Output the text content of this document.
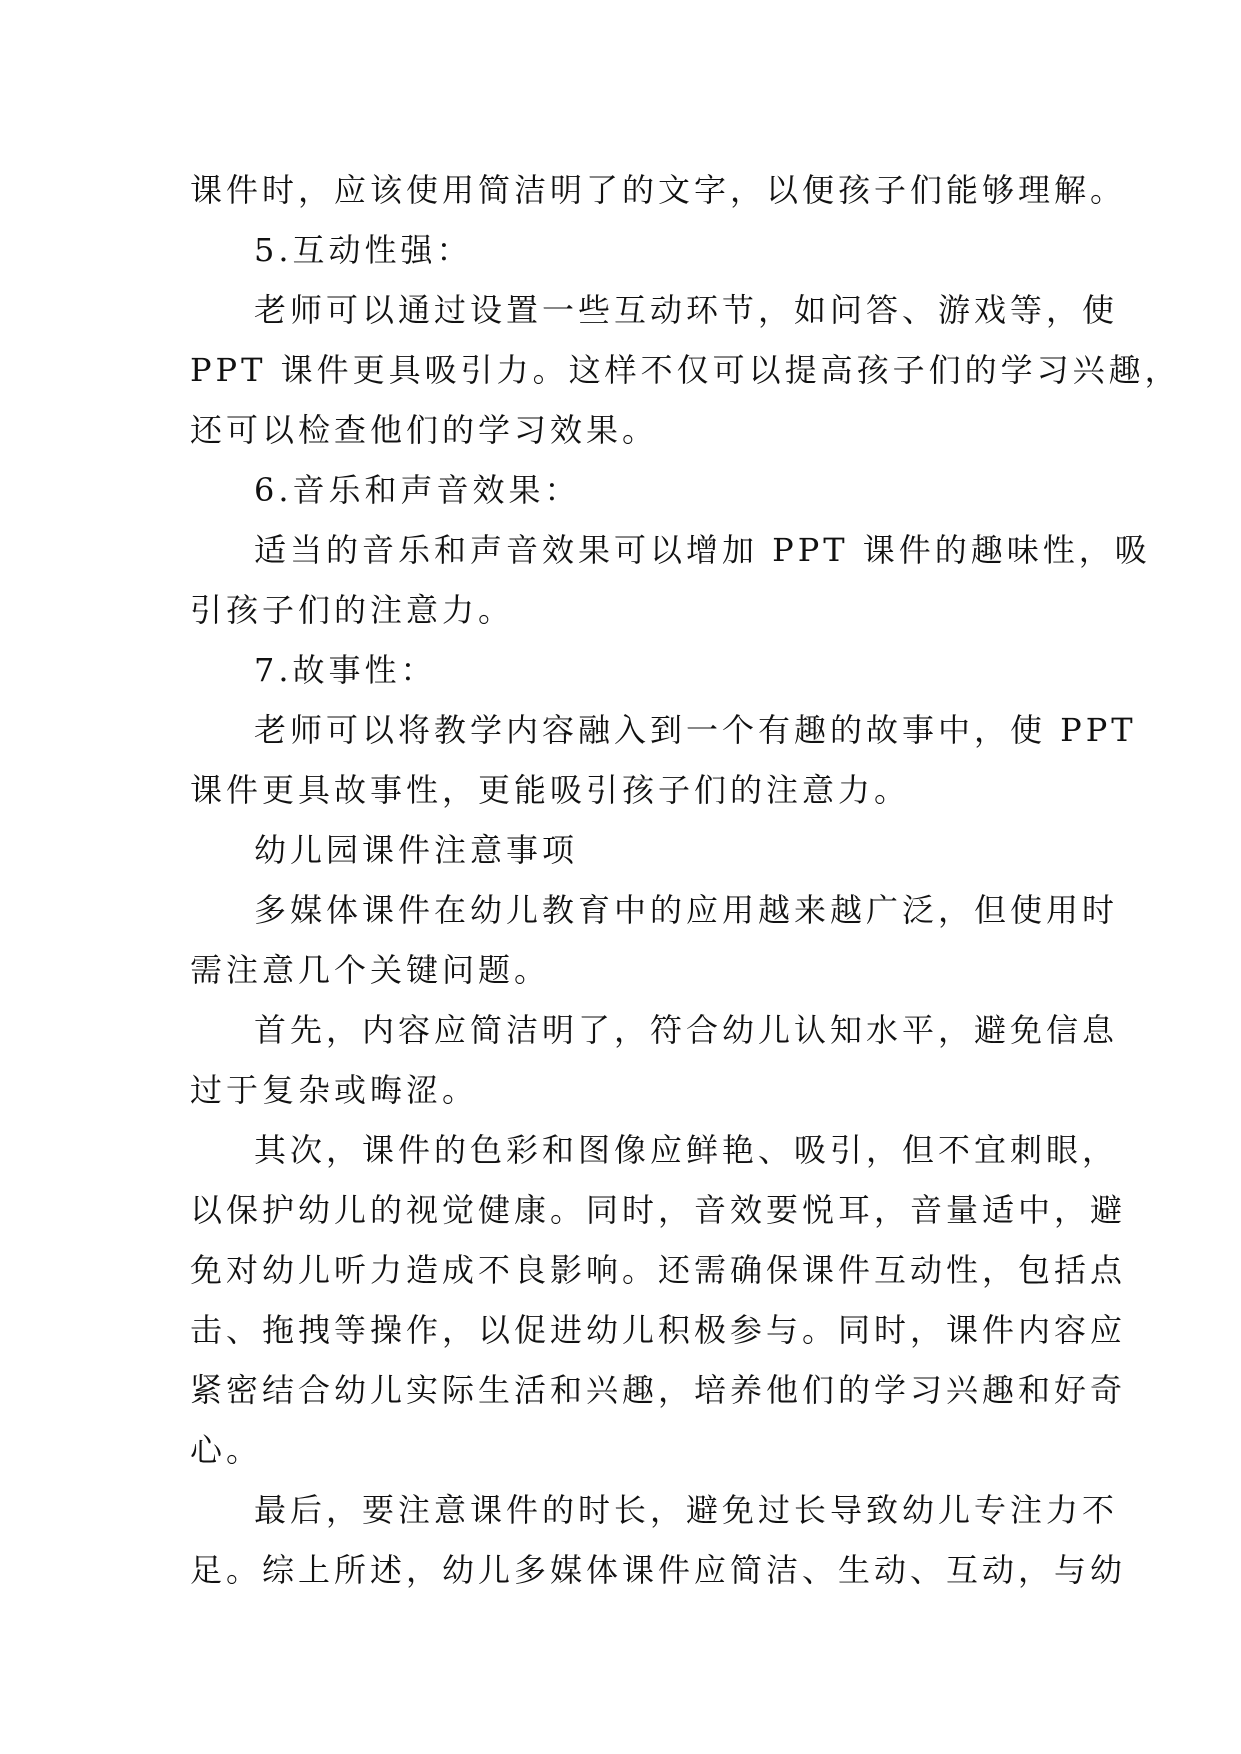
课件时，应该使用简洁明了的文字，以便孩子们能够理解。
5.互动性强：
老师可以通过设置一些互动环节，如问答、游戏等，使
PPT 课件更具吸引力。这样不仅可以提高孩子们的学习兴趣，
还可以检查他们的学习效果。
6.音乐和声音效果：
适当的音乐和声音效果可以增加 PPT 课件的趣味性，吸
引孩子们的注意力。
7.故事性：
老师可以将教学内容融入到一个有趣的故事中，使 PPT
课件更具故事性，更能吸引孩子们的注意力。
幼儿园课件注意事项
多媒体课件在幼儿教育中的应用越来越广泛，但使用时
需注意几个关键问题。
首先，内容应简洁明了，符合幼儿认知水平，避免信息
过于复杂或晦涩。
其次，课件的色彩和图像应鲜艳、吸引，但不宜刺眼，
以保护幼儿的视觉健康。同时，音效要悦耳，音量适中，避
免对幼儿听力造成不良影响。还需确保课件互动性，包括点
击、拖拽等操作，以促进幼儿积极参与。同时，课件内容应
紧密结合幼儿实际生活和兴趣，培养他们的学习兴趣和好奇
心。
最后，要注意课件的时长，避免过长导致幼儿专注力不
足。综上所述，幼儿多媒体课件应简洁、生动、互动，与幼
